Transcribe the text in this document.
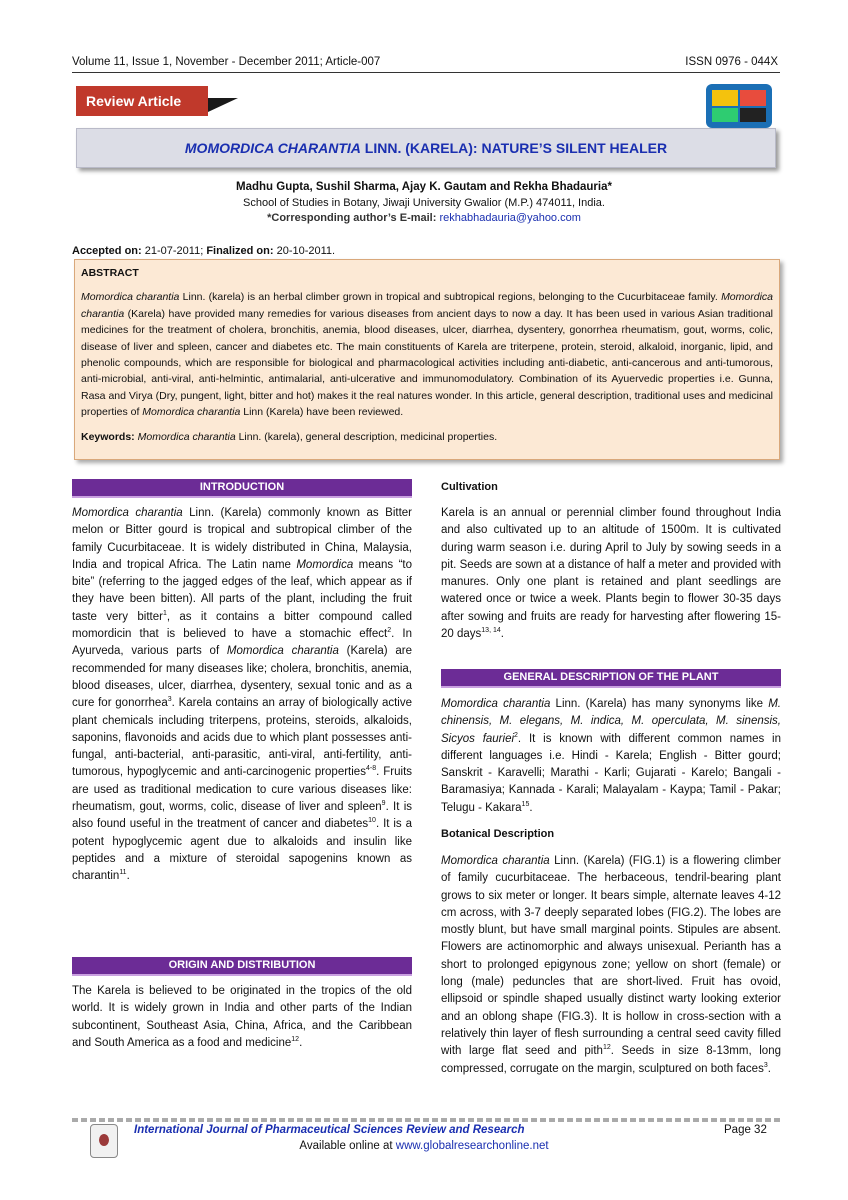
Volume 11, Issue 1, November - December 2011; Article-007	ISSN 0976 - 044X
Review Article
MOMORDICA CHARANTIA LINN. (KARELA): NATURE’S SILENT HEALER
Madhu Gupta, Sushil Sharma, Ajay K. Gautam and Rekha Bhadauria*
School of Studies in Botany, Jiwaji University Gwalior (M.P.) 474011, India.
*Corresponding author’s E-mail: rekhabhadauria@yahoo.com
Accepted on: 21-07-2011; Finalized on: 20-10-2011.

ABSTRACT

Momordica charantia Linn. (karela) is an herbal climber grown in tropical and subtropical regions, belonging to the Cucurbitaceae family. Momordica charantia (Karela) have provided many remedies for various diseases from ancient days to now a day. It has been used in various Asian traditional medicines for the treatment of cholera, bronchitis, anemia, blood diseases, ulcer, diarrhea, dysentery, gonorrhea rheumatism, gout, worms, colic, disease of liver and spleen, cancer and diabetes etc. The main constituents of Karela are triterpene, protein, steroid, alkaloid, inorganic, lipid, and phenolic compounds, which are responsible for biological and pharmacological activities including anti-diabetic, anti-cancerous and anti-tumorous, anti-microbial, anti-viral, anti-helmintic, antimalarial, anti-ulcerative and immunomodulatory. Combination of its Ayuervedic properties i.e. Gunna, Rasa and Virya (Dry, pungent, light, bitter and hot) makes it the real natures wonder. In this article, general description, traditional uses and medicinal properties of Momordica charantia Linn (Karela) have been reviewed.

Keywords: Momordica charantia Linn. (karela), general description, medicinal properties.

INTRODUCTION

Momordica charantia Linn. (Karela) commonly known as Bitter melon or Bitter gourd is tropical and subtropical climber of the family Cucurbitaceae. It is widely distributed in China, Malaysia, India and tropical Africa. The Latin name Momordica means “to bite” (referring to the jagged edges of the leaf, which appear as if they have been bitten). All parts of the plant, including the fruit taste very bitter$^1$, as it contains a bitter compound called momordicin that is believed to have a stomachic effect$^2$. In Ayurveda, various parts of Momordica charantia (Karela) are recommended for many diseases like; cholera, bronchitis, anemia, blood diseases, ulcer, diarrhea, dysentery, sexual tonic and as a cure for gonorrhea$^3$. Karela contains an array of biologically active plant chemicals including triterpens, proteins, steroids, alkaloids, saponins, flavonoids and acids due to which plant possesses anti-fungal, anti-bacterial, anti-parasitic, anti-viral, anti-fertility, anti-tumorous, hypoglycemic and anti-carcinogenic properties$^{4-8}$. Fruits are used as traditional medication to cure various diseases like: rheumatism, gout, worms, colic, disease of liver and spleen$^9$. It is also found useful in the treatment of cancer and diabetes$^{10}$. It is a potent hypoglycemic agent due to alkaloids and insulin like peptides and a mixture of steroidal sapogenins known as charantin$^{11}$.

ORIGIN AND DISTRIBUTION

The Karela is believed to be originated in the tropics of the old world. It is widely grown in India and other parts of the Indian subcontinent, Southeast Asia, China, Africa, and the Caribbean and South America as a food and medicine$^{12}$.

Cultivation

Karela is an annual or perennial climber found throughout India and also cultivated up to an altitude of 1500m. It is cultivated during warm season i.e. during April to July by sowing seeds in a pit. Seeds are sown at a distance of half a meter and provided with manures. Only one plant is retained and plant seedlings are watered once or twice a week. Plants begin to flower 30-35 days after sowing and fruits are ready for harvesting after flowering 15-20 days$^{13, 14}$.

GENERAL DESCRIPTION OF THE PLANT

Momordica charantia Linn. (Karela) has many synonyms like M. chinensis, M. elegans, M. indica, M. operculata, M. sinensis, Sicyos fauriei$^2$. It is known with different common names in different languages i.e. Hindi - Karela; English - Bitter gourd; Sanskrit - Karavelli; Marathi - Karli; Gujarati - Karelo; Bangali - Baramasiya; Kannada - Karali; Malayalam - Kaypa; Tamil - Pakar; Telugu - Kakara$^{15}$.

Botanical Description

Momordica charantia Linn. (Karela) (FIG.1) is a flowering climber of family cucurbitaceae. The herbaceous, tendril-bearing plant grows to six meter or longer. It bears simple, alternate leaves 4-12 cm across, with 3-7 deeply separated lobes (FIG.2). The lobes are mostly blunt, but have small marginal points. Stipules are absent. Flowers are actinomorphic and always unisexual. Perianth has a short to prolonged epigynous zone; yellow on short (female) or long (male) peduncles that are short-lived. Fruit has ovoid, ellipsoid or spindle shaped usually distinct warty looking exterior and an oblong shape (FIG.3). It is hollow in cross-section with a relatively thin layer of flesh surrounding a central seed cavity filled with large flat seed and pith$^{12}$. Seeds in size 8-13mm, long compressed, corrugate on the margin, sculptured on both faces$^3$.

International Journal of Pharmaceutical Sciences Review and Research	Page 32
Available online at www.globalresearchonline.net
